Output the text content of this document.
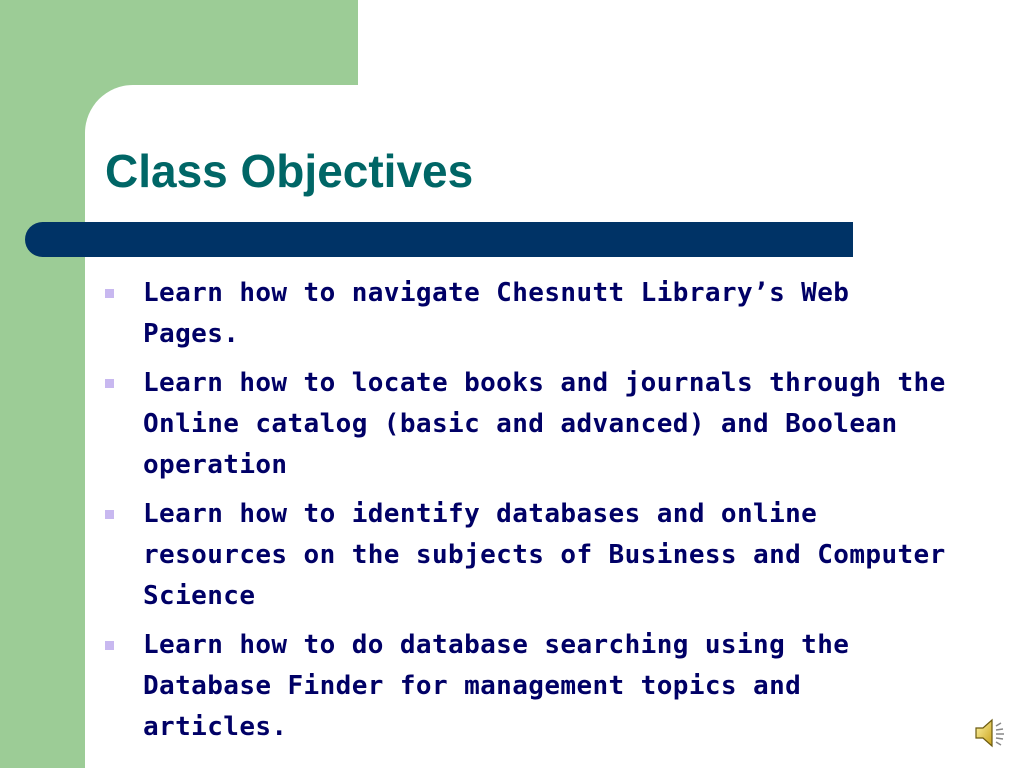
Class Objectives
Learn how to navigate Chesnutt Library’s Web Pages.
Learn how to locate books and journals through the Online catalog (basic and advanced) and Boolean operation
Learn how to identify databases and online resources on the subjects of Business and Computer Science
Learn how to do database searching using the Database Finder for management topics and articles.
